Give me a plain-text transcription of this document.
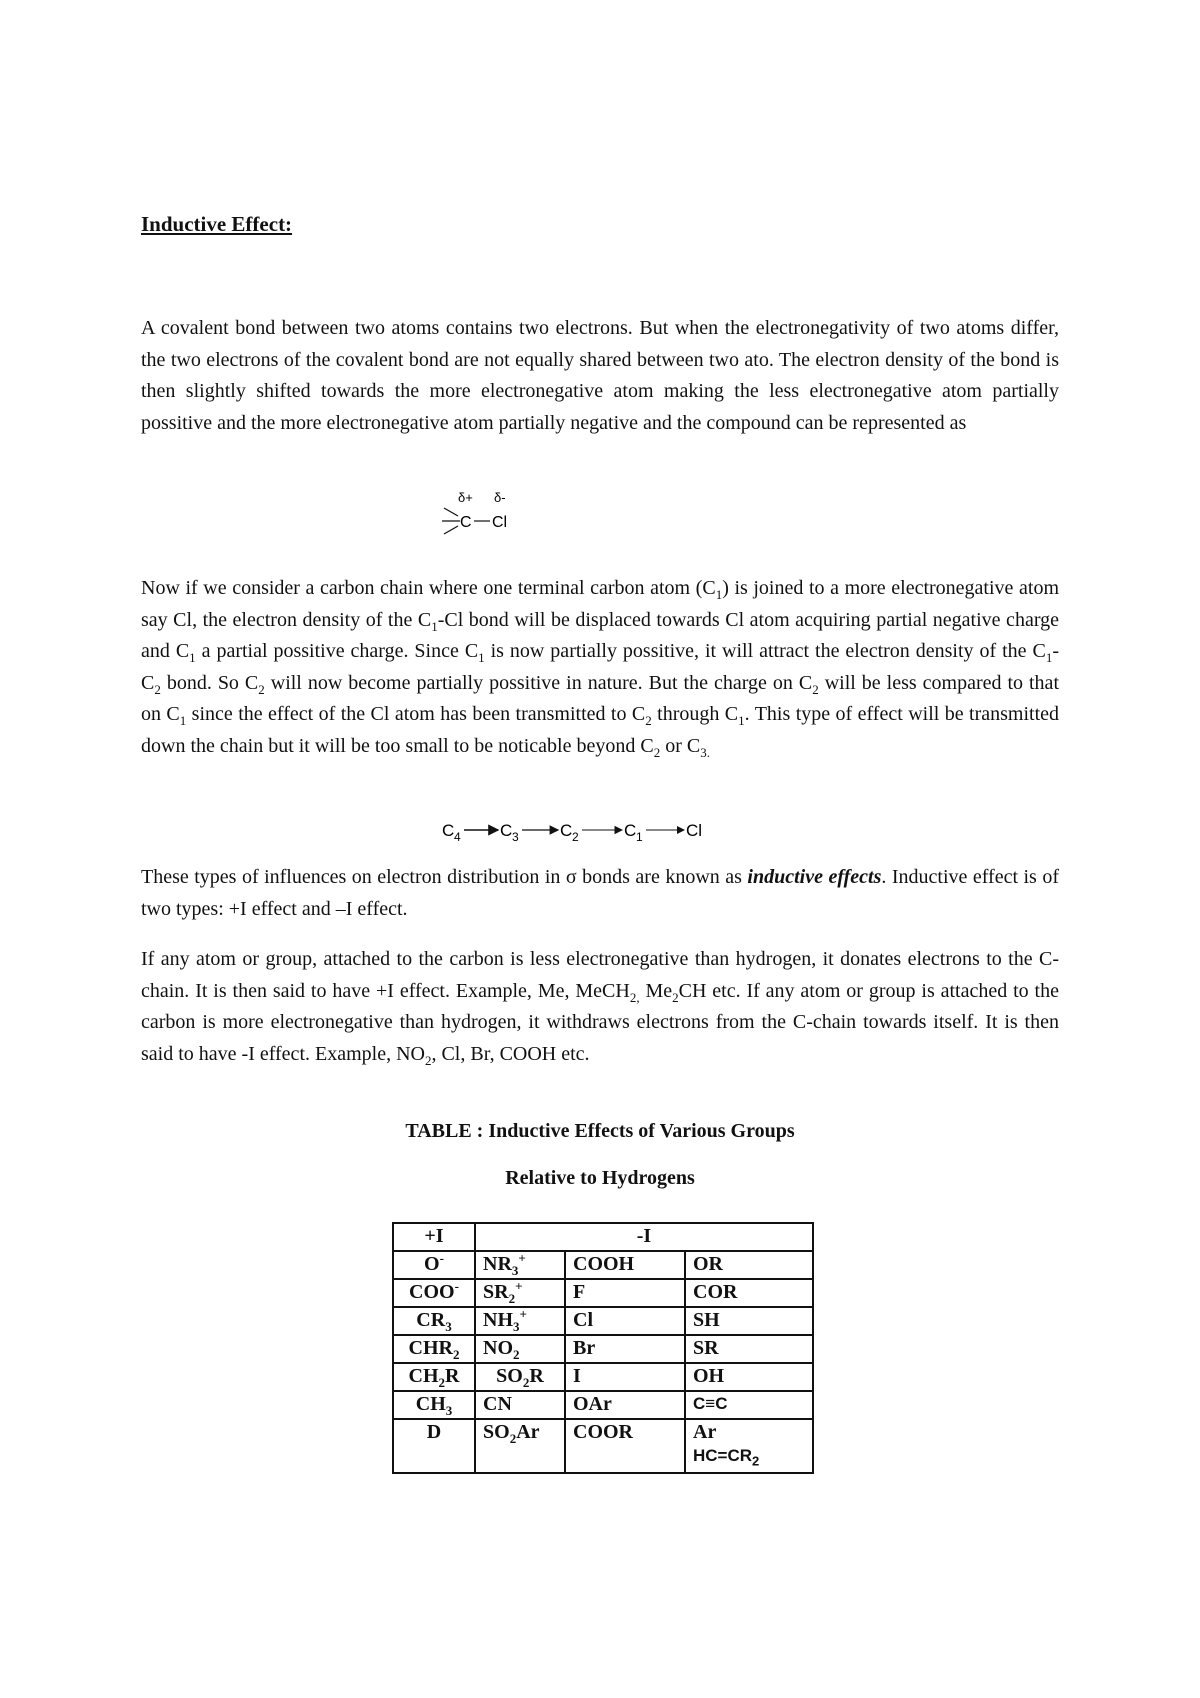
Inductive Effect:

A covalent bond between two atoms contains two electrons. But when the electronegativity of two atoms differ, the two electrons of the covalent bond are not equally shared between two ato. The electron density of the bond is then slightly shifted towards the more electronegative atom making the less electronegative atom partially possitive and the more electronegative atom partially negative and the compound can be represented as

δ+ δ-
C Cl

Now if we consider a carbon chain where one terminal carbon atom $(C_1)$ is joined to a more electronegative atom say Cl, the electron density of the $C_1-Cl$ bond will be displaced towards Cl atom acquiring partial negative charge and $C_1$ a partial possitive charge. Since $C_1$ is now partially possitive, it will attract the electron density of the $C_1-C_2$ bond. So $C_2$ will now become partially possitive in nature. But the charge on $C_2$ will be less compared to that on $C_1$ since the effect of the Cl atom has been transmitted to $C_2$ through $C_1$. This type of effect will be transmitted down the chain but it will be too small to be noticable beyond $C_2$ or $C_{3.}$

C 4 C 3 C 2	C 1	Cl

These types of influences on electron distribution in σ bonds are known as inductive effects. Inductive effect is of two types: +I effect and –I effect.

If any atom or group, attached to the carbon is less electronegative than hydrogen, it donates electrons to the C-chain. It is then said to have +I effect. Example, Me, MeCH$_{2,}$ $Me_2CH$ etc. If any atom or group is attached to the carbon is more electronegative than hydrogen, it withdraws electrons from the C-chain towards itself. It is then said to have -I effect. Example, $NO_2$, Cl, Br, COOH etc.

TABLE : Inductive Effects of Various Groups
Relative to Hydrogens
+I	-I		
O-	$NR_3^+$	COOH	OR
COO-	$SR_2^+$	F	COR
$CR_3$	$NH_3^+$	Cl	SH
$CHR_2$	$NO_2$	Br	SR
$CH_2R$	$SO_2R$	I	OH
$CH_3$	CN	OAr	C≡C
D	$SO_2Ar$	COOR	Ar
$HC=CR_2$
